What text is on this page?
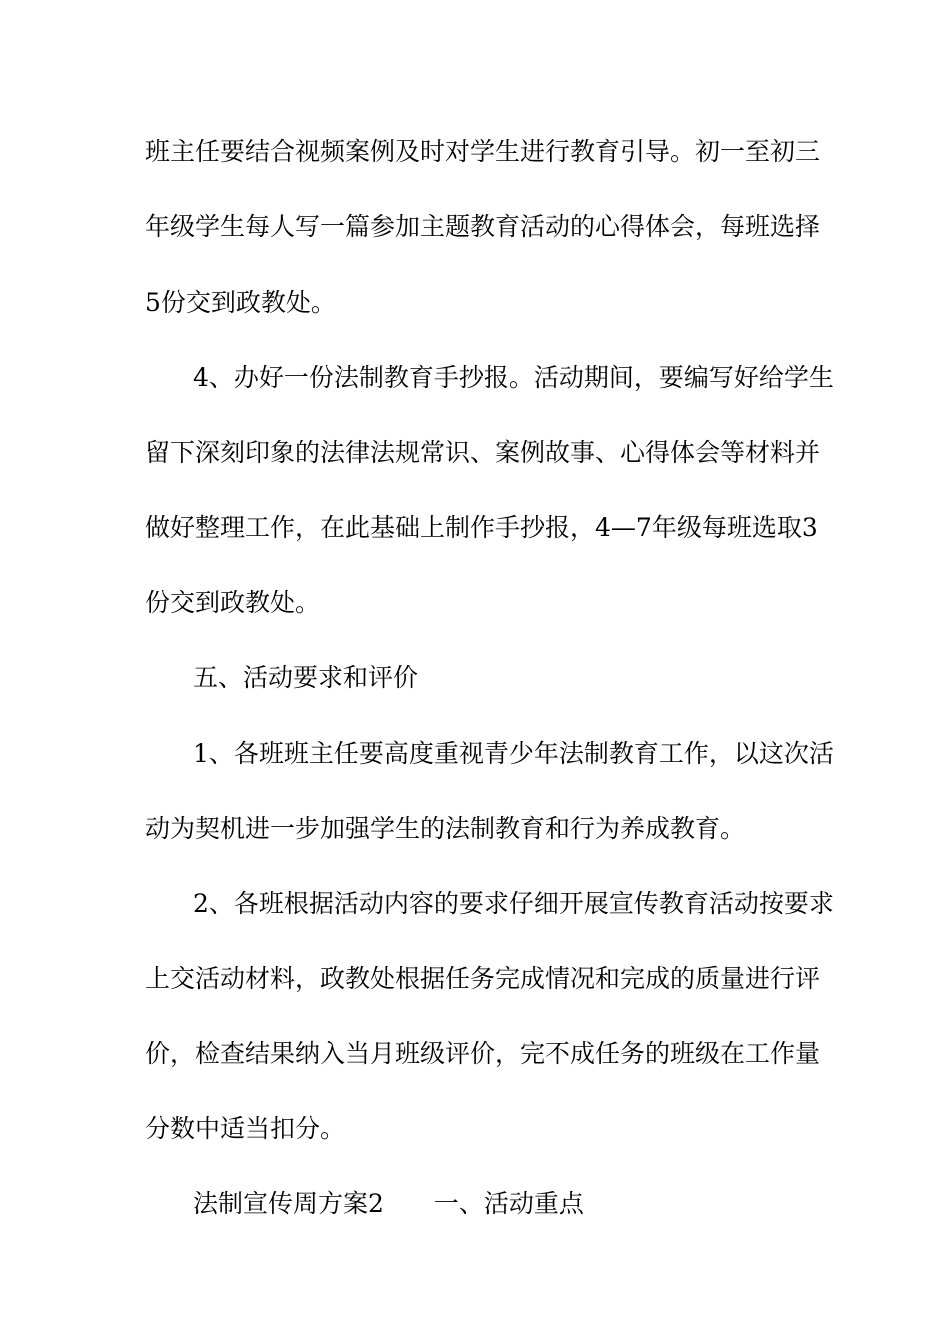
班主任要结合视频案例及时对学生进行教育引导。初一至初三
年级学生每人写一篇参加主题教育活动的心得体会，每班选择
5份交到政教处。
4、办好一份法制教育手抄报。活动期间，要编写好给学生
留下深刻印象的法律法规常识、案例故事、心得体会等材料并
做好整理工作，在此基础上制作手抄报，4—7年级每班选取3
份交到政教处。
五、活动要求和评价
1、各班班主任要高度重视青少年法制教育工作，以这次活
动为契机进一步加强学生的法制教育和行为养成教育。
2、各班根据活动内容的要求仔细开展宣传教育活动按要求
上交活动材料，政教处根据任务完成情况和完成的质量进行评
价，检查结果纳入当月班级评价，完不成任务的班级在工作量
分数中适当扣分。
法制宣传周方案2 一、活动重点
